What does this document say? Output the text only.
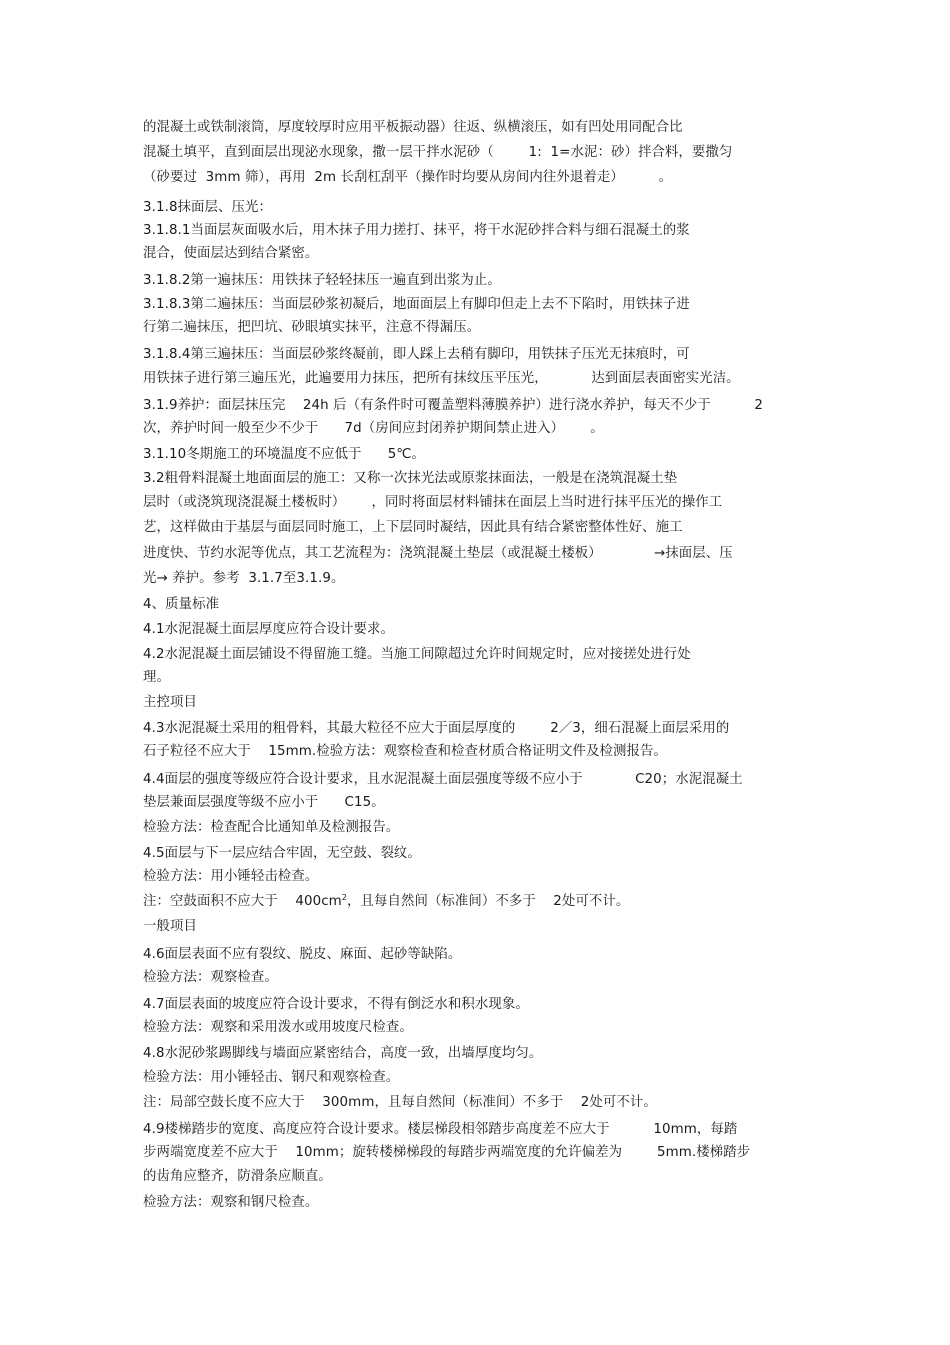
的混凝土或铁制滚筒，厚度较厚时应用平板振动器）往返、纵横滚压，如有凹处用同配合比
混凝土填平，直到面层出现泌水现象，撒一层干拌水泥砂（        1:  1=水泥：砂）拌合料，要撒匀
（砂要过  3mm 筛），再用  2m 长刮杠刮平（操作时均要从房间内往外退着走）        。
3.1.8抹面层、压光：
3.1.8.1当面层灰面吸水后，用木抹子用力搓打、抹平，将干水泥砂拌合料与细石混凝土的浆
混合，使面层达到结合紧密。
3.1.8.2第一遍抹压：用铁抹子轻轻抹压一遍直到出浆为止。
3.1.8.3第二遍抹压：当面层砂浆初凝后，地面面层上有脚印但走上去不下陷时，用铁抹子进
行第二遍抹压，把凹坑、砂眼填实抹平，注意不得漏压。
3.1.8.4第三遍抹压：当面层砂浆终凝前，即人踩上去稍有脚印，用铁抹子压光无抹痕时，可
用铁抹子进行第三遍压光，此遍要用力抹压，把所有抹纹压平压光，          达到面层表面密实光洁。
3.1.9养护：面层抹压完    24h 后（有条件时可覆盖塑料薄膜养护）进行浇水养护，每天不少于          2
次，养护时间一般至少不少于      7d（房间应封闭养护期间禁止进入）      。
3.1.10冬期施工的环境温度不应低于      5℃。
3.2粗骨料混凝土地面面层的施工：又称一次抹光法或原浆抹面法，一般是在浇筑混凝土垫
层时（或浇筑现浇混凝土楼板时）      ，同时将面层材料铺抹在面层上当时进行抹平压光的操作工
艺，这样做由于基层与面层同时施工，上下层同时凝结，因此具有结合紧密整体性好、施工
进度快、节约水泥等优点，其工艺流程为：浇筑混凝土垫层（或混凝土楼板）            →抹面层、压
光→ 养护。参考  3.1.7至3.1.9。
4、质量标准
4.1水泥混凝土面层厚度应符合设计要求。
4.2水泥混凝土面层铺设不得留施工缝。当施工间隙超过允许时间规定时，应对接搓处进行处
理。
主控项目
4.3水泥混凝土采用的粗骨料，其最大粒径不应大于面层厚度的        2／3，细石混凝上面层采用的
石子粒径不应大于    15mm.检验方法：观察检查和检查材质合格证明文件及检测报告。
4.4面层的强度等级应符合设计要求，且水泥混凝土面层强度等级不应小于            C20；水泥混凝土
垫层兼面层强度等级不应小于      C15。
检验方法：检查配合比通知单及检测报告。
4.5面层与下一层应结合牢固，无空鼓、裂纹。
检验方法：用小锤轻击检查。
注：空鼓面积不应大于    $400cm^2$，且每自然间（标准间）不多于    2处可不计。
一般项目
4.6面层表面不应有裂纹、脱皮、麻面、起砂等缺陷。
检验方法：观察检查。
4.7面层表面的坡度应符合设计要求，不得有倒泛水和积水现象。
检验方法：观察和采用泼水或用坡度尺检查。
4.8水泥砂浆踢脚线与墙面应紧密结合，高度一致，出墙厚度均匀。
检验方法：用小锤轻击、钢尺和观察检查。
注：局部空鼓长度不应大于    300mm，且每自然间（标准间）不多于    2处可不计。
4.9楼梯踏步的宽度、高度应符合设计要求。楼层梯段相邻踏步高度差不应大于          10mm，每踏
步两端宽度差不应大于    10mm；旋转楼梯梯段的每踏步两端宽度的允许偏差为        5mm.楼梯踏步
的齿角应整齐，防滑条应顺直。
检验方法：观察和钢尺检查。
